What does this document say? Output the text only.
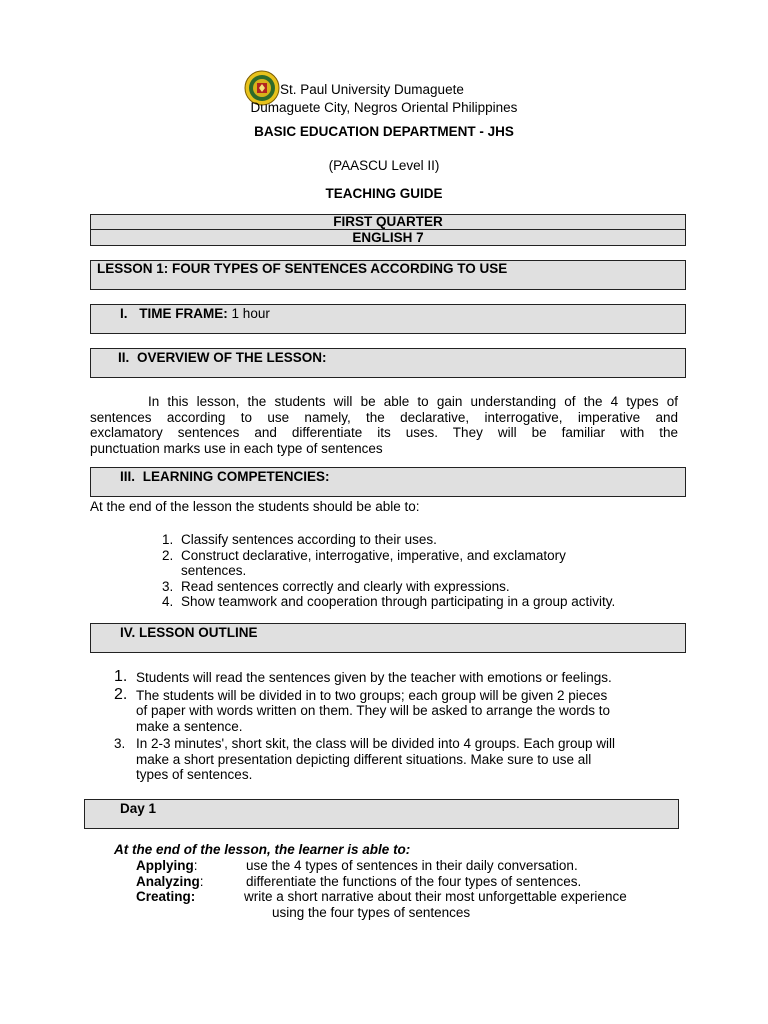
St. Paul University Dumaguete
Dumaguete City, Negros Oriental Philippines
BASIC EDUCATION DEPARTMENT - JHS
(PAASCU Level II)
TEACHING GUIDE
FIRST QUARTER
ENGLISH 7
LESSON 1: FOUR TYPES OF SENTENCES ACCORDING TO USE
I. TIME FRAME: 1 hour
II. OVERVIEW OF THE LESSON:
In this lesson, the students will be able to gain understanding of the 4 types of
sentences according to use namely, the declarative, interrogative, imperative and
exclamatory sentences and differentiate its uses. They will be familiar with the
punctuation marks use in each type of sentences
III. LEARNING COMPETENCIES:
At the end of the lesson the students should be able to:
1. Classify sentences according to their uses.
2. Construct declarative, interrogative, imperative, and exclamatory
sentences.
3. Read sentences correctly and clearly with expressions.
4. Show teamwork and cooperation through participating in a group activity.
IV. LESSON OUTLINE
1. Students will read the sentences given by the teacher with emotions or feelings.
2. The students will be divided in to two groups; each group will be given 2 pieces
of paper with words written on them. They will be asked to arrange the words to
make a sentence.
3. In 2-3 minutes', short skit, the class will be divided into 4 groups. Each group will
make a short presentation depicting different situations. Make sure to use all
types of sentences.
Day 1
At the end of the lesson, the learner is able to:
Applying:	use the 4 types of sentences in their daily conversation.
Analyzing:	differentiate the functions of the four types of sentences.
Creating:	write a short narrative about their most unforgettable experience
using the four types of sentences
